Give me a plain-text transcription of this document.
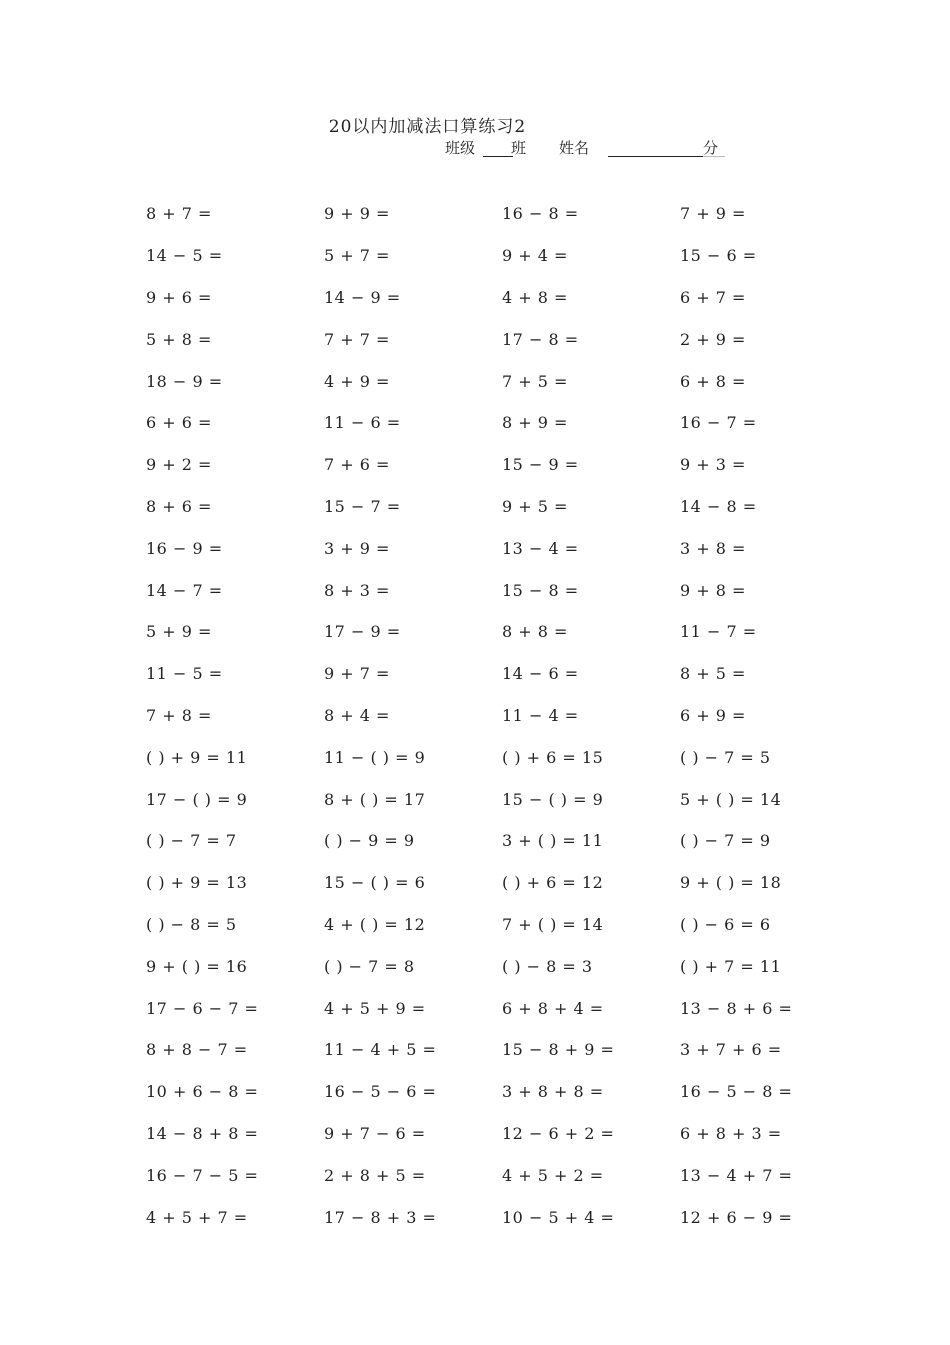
20以内加减法口算练习2
班级 班 姓名	分
8 + 7 =	9 + 9 =	16 − 8 =	7 + 9 =
14 − 5 =	5 + 7 =	9 + 4 =	15 − 6 =
9 + 6 =	14 − 9 =	4 + 8 =	6 + 7 =
5 + 8 =	7 + 7 =	17 − 8 =	2 + 9 =
18 − 9 =	4 + 9 =	7 + 5 =	6 + 8 =
6 + 6 =	11 − 6 =	8 + 9 =	16 − 7 =
9 + 2 =	7 + 6 =	15 − 9 =	9 + 3 =
8 + 6 =	15 − 7 =	9 + 5 =	14 − 8 =
16 − 9 =	3 + 9 =	13 − 4 =	3 + 8 =
14 − 7 =	8 + 3 =	15 − 8 =	9 + 8 =
5 + 9 =	17 − 9 =	8 + 8 =	11 − 7 =
11 − 5 =	9 + 7 =	14 − 6 =	8 + 5 =
7 + 8 =	8 + 4 =	11 − 4 =	6 + 9 =
( ) + 9 = 11	11 − ( ) = 9	( ) + 6 = 15	( ) − 7 = 5
17 − ( ) = 9	8 + ( ) = 17	15 − ( ) = 9	5 + ( ) = 14
( ) − 7 = 7	( ) − 9 = 9	3 + ( ) = 11	( ) − 7 = 9
( ) + 9 = 13	15 − ( ) = 6	( ) + 6 = 12	9 + ( ) = 18
( ) − 8 = 5	4 + ( ) = 12	7 + ( ) = 14	( ) − 6 = 6
9 + ( ) = 16	( ) − 7 = 8	( ) − 8 = 3	( ) + 7 = 11
17 − 6 − 7 =	4 + 5 + 9 =	6 + 8 + 4 =	13 − 8 + 6 =
8 + 8 − 7 =	11 − 4 + 5 =	15 − 8 + 9 =	3 + 7 + 6 =
10 + 6 − 8 =	16 − 5 − 6 =	3 + 8 + 8 =	16 − 5 − 8 =
14 − 8 + 8 =	9 + 7 − 6 =	12 − 6 + 2 =	6 + 8 + 3 =
16 − 7 − 5 =	2 + 8 + 5 =	4 + 5 + 2 =	13 − 4 + 7 =
4 + 5 + 7 =	17 − 8 + 3 =	10 − 5 + 4 =	12 + 6 − 9 =
